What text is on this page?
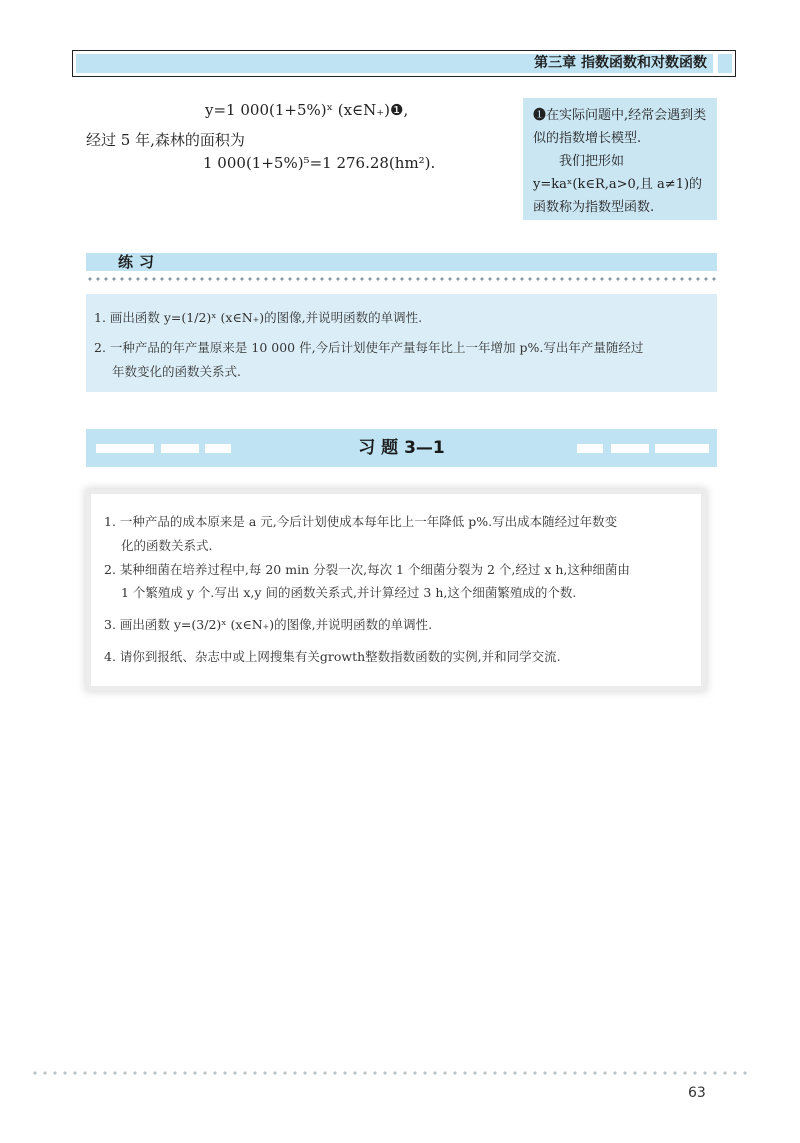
第三章 指数函数和对数函数
y=1 000(1+5%)ˣ (x∈N₊)❶,
经过 5 年,森林的面积为
1 000(1+5%)⁵=1 276.28(hm²).

❶在实际问题中,经常会遇到类似的指数增长模型.

我们把形如 y=kaˣ(k∈R,a>0,且 a≠1)的函数称为指数型函数.

练习
1. 画出函数 y=(1/2)ˣ (x∈N₊)的图像,并说明函数的单调性.
2. 一种产品的年产量原来是 10 000 件,今后计划使年产量每年比上一年增加 p%.写出年产量随经过
年数变化的函数关系式.
习 题 3—1
1. 一种产品的成本原来是 a 元,今后计划使成本每年比上一年降低 p%.写出成本随经过年数变
化的函数关系式.
2. 某种细菌在培养过程中,每 20 min 分裂一次,每次 1 个细菌分裂为 2 个,经过 x h,这种细菌由
1 个繁殖成 y 个.写出 x,y 间的函数关系式,并计算经过 3 h,这个细菌繁殖成的个数.
3. 画出函数 y=(3/2)ˣ (x∈N₊)的图像,并说明函数的单调性.
4. 请你到报纸、杂志中或上网搜集有关growth整数指数函数的实例,并和同学交流.
63
